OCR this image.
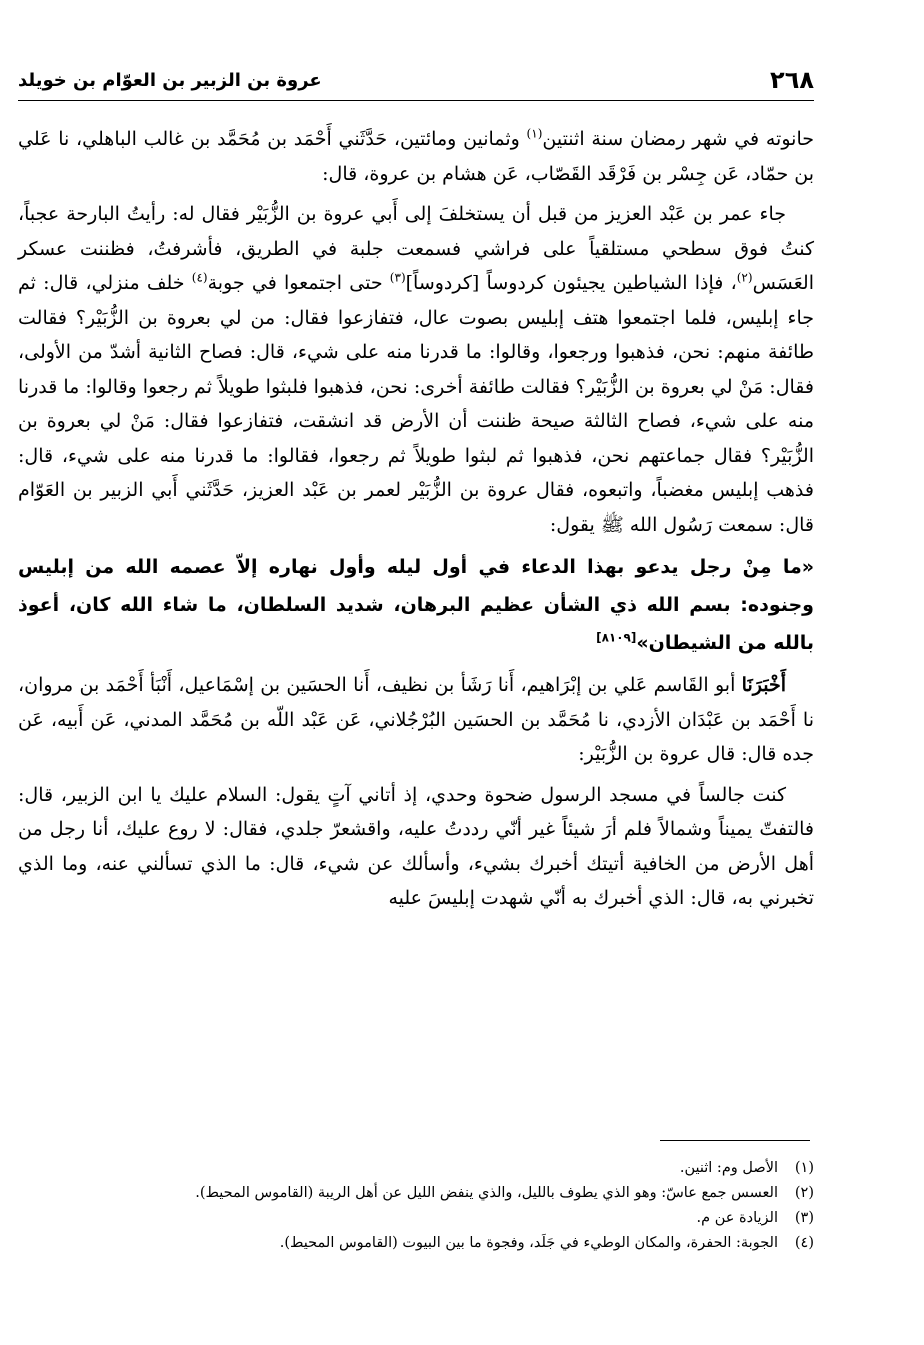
٢٦٨
عروة بن الزبير بن العوّام بن خويلد

حانوته في شهر رمضان سنة اثنتين$^{(١)}$ وثمانين ومائتين، حَدَّثَني أَحْمَد بن مُحَمَّد بن غالب الباهلي، نا عَلي بن حمّاد، عَن جِسْر بن فَرْقَد القَصّاب، عَن هشام بن عروة، قال:

جاء عمر بن عَبْد العزيز من قبل أن يستخلفَ إلى أَبي عروة بن الزُّبَيْر فقال له: رأيتُ البارحة عجباً، كنتُ فوق سطحي مستلقياً على فراشي فسمعت جلبة في الطريق، فأشرفتُ، فظننت عسكر العَسَس$^{(٢)}$، فإذا الشياطين يجيئون كردوساً [كردوساً]$^{(٣)}$ حتى اجتمعوا في جوبة$^{(٤)}$ خلف منزلي، قال: ثم جاء إبليس، فلما اجتمعوا هتف إبليس بصوت عال، فتفازعوا فقال: من لي بعروة بن الزُّبَيْر؟ فقالت طائفة منهم: نحن، فذهبوا ورجعوا، وقالوا: ما قدرنا منه على شيء، قال: فصاح الثانية أشدّ من الأولى، فقال: مَنْ لي بعروة بن الزُّبَيْر؟ فقالت طائفة أخرى: نحن، فذهبوا فلبثوا طويلاً ثم رجعوا وقالوا: ما قدرنا منه على شيء، فصاح الثالثة صيحة ظننت أن الأرض قد انشقت، فتفازعوا فقال: مَنْ لي بعروة بن الزُّبَيْر؟ فقال جماعتهم نحن، فذهبوا ثم لبثوا طويلاً ثم رجعوا، فقالوا: ما قدرنا منه على شيء، قال: فذهب إبليس مغضباً، واتبعوه، فقال عروة بن الزُّبَيْر لعمر بن عَبْد العزيز، حَدَّثَني أَبي الزبير بن العَوّام قال: سمعت رَسُول الله ﷺ يقول:

«ما مِنْ رجل يدعو بهذا الدعاء في أول ليله وأول نهاره إلاّ عصمه الله من إبليس وجنوده: بسم الله ذي الشأن عظيم البرهان، شديد السلطان، ما شاء الله كان، أعوذ بالله من الشيطان»[٨١٠٩]

أَخْبَرَنَا أبو القَاسم عَلي بن إبْرَاهيم، أَنا رَشَأ بن نظيف، أَنا الحسَين بن إسْمَاعيل، أَنْبَأ أَحْمَد بن مروان، نا أَحْمَد بن عَبْدَان الأزدي، نا مُحَمَّد بن الحسَين البُرْجُلاني، عَن عَبْد اللّه بن مُحَمَّد المدني، عَن أَبيه، عَن جده قال: قال عروة بن الزُّبَيْر:

كنت جالساً في مسجد الرسول ضحوة وحدي، إذ أتاني آتٍ يقول: السلام عليك يا ابن الزبير، قال: فالتفتّ يميناً وشمالاً فلم أرَ شيئاً غير أنّي رددتُ عليه، واقشعرّ جلدي، فقال: لا روع عليك، أنا رجل من أهل الأرض من الخافية أتيتك أخبرك بشيء، وأسألك عن شيء، قال: ما الذي تسألني عنه، وما الذي تخبرني به، قال: الذي أخبرك به أنّي شهدت إبليسَ عليه

(١)
الأصل وم: اثنين.

(٢)
العسس جمع عاسّ: وهو الذي يطوف بالليل، والذي ينفض الليل عن أهل الريبة (القاموس المحيط).

(٣)
الزيادة عن م.

(٤)
الجوبة: الحفرة، والمكان الوطيء في جَلَد، وفجوة ما بين البيوت (القاموس المحيط).
